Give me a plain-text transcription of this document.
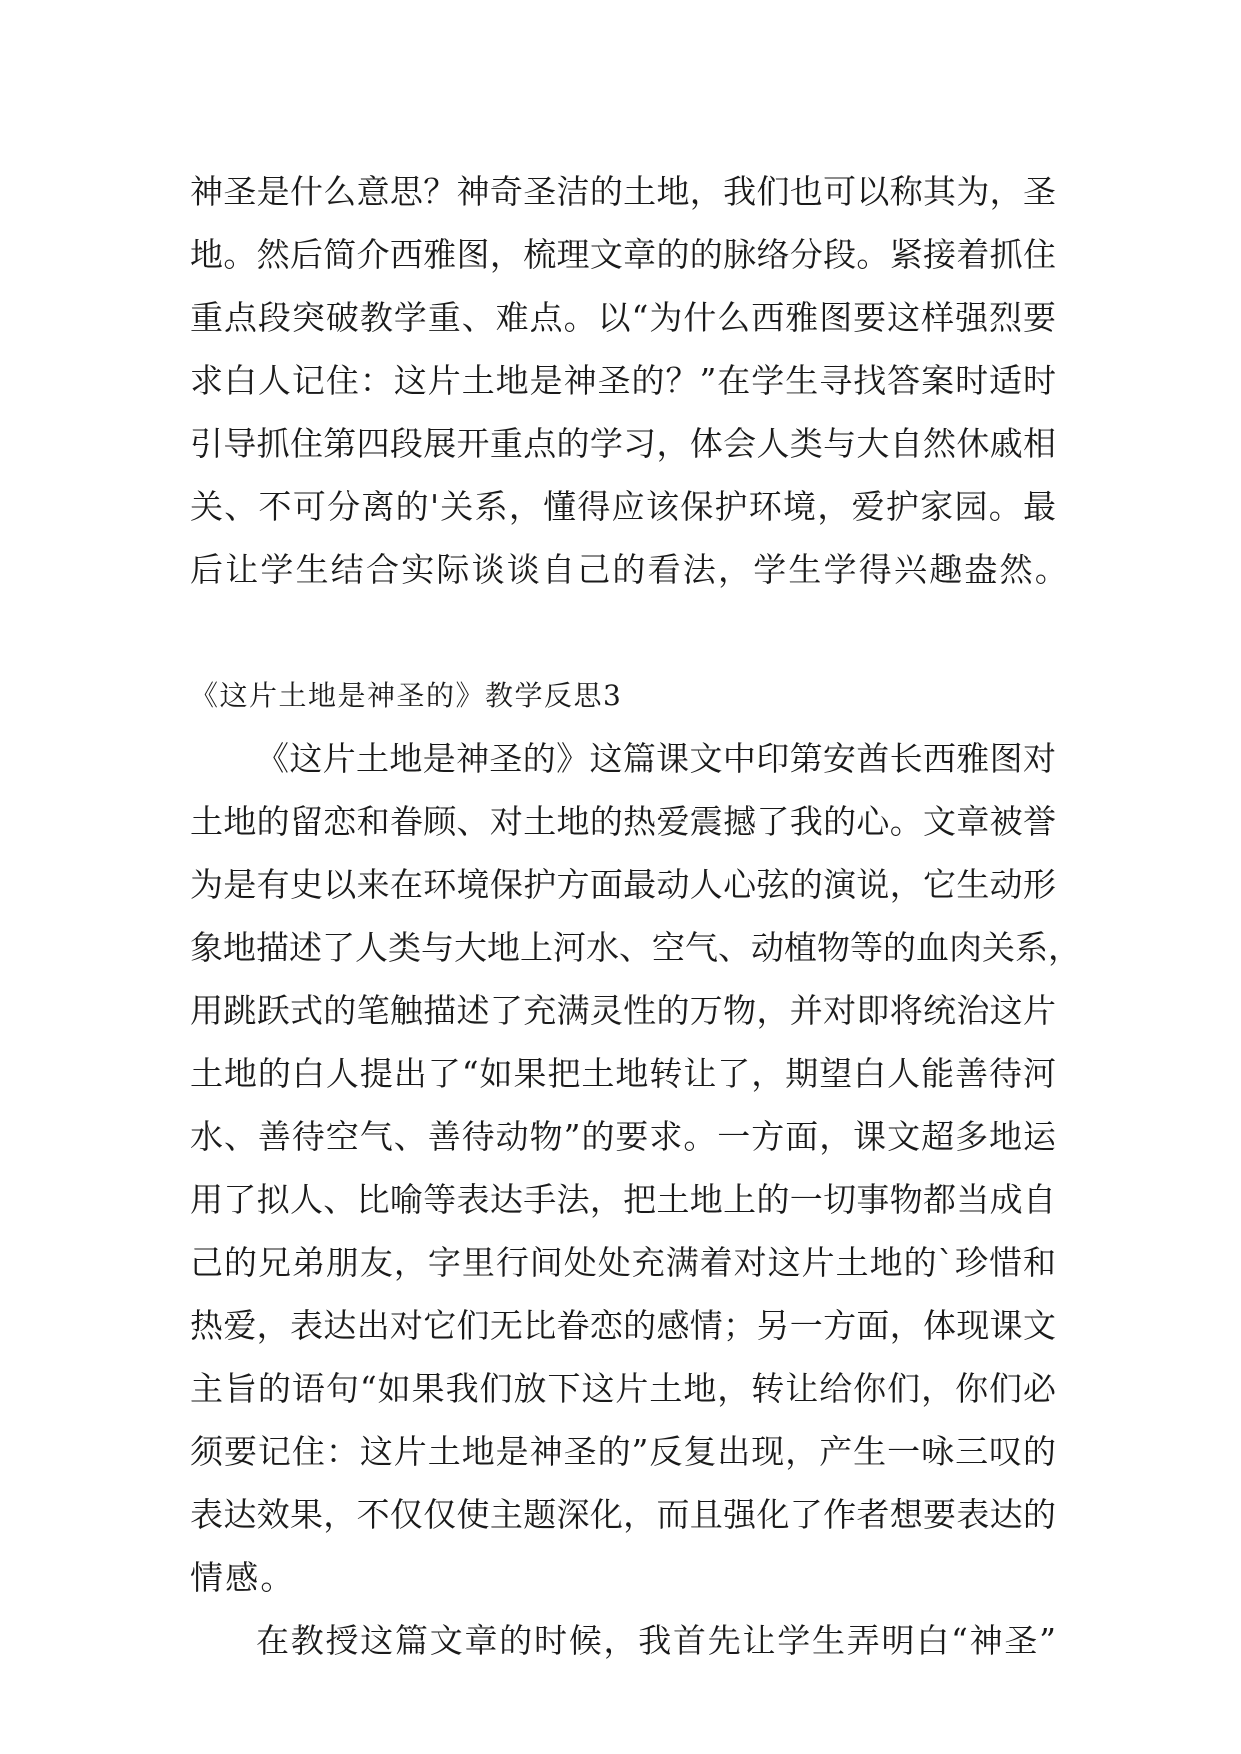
神圣是什么意思？神奇圣洁的土地，我们也可以称其为，圣
地。然后简介西雅图，梳理文章的的脉络分段。紧接着抓住
重点段突破教学重、难点。以“为什么西雅图要这样强烈要
求白人记住：这片土地是神圣的？”在学生寻找答案时适时
引导抓住第四段展开重点的学习，体会人类与大自然休戚相
关、不可分离的'关系，懂得应该保护环境，爱护家园。最
后让学生结合实际谈谈自己的看法，学生学得兴趣盎然。
《这片土地是神圣的》教学反思3
《这片土地是神圣的》这篇课文中印第安酋长西雅图对
土地的留恋和眷顾、对土地的热爱震撼了我的心。文章被誉
为是有史以来在环境保护方面最动人心弦的演说，它生动形
象地描述了人类与大地上河水、空气、动植物等的血肉关系，
用跳跃式的笔触描述了充满灵性的万物，并对即将统治这片
土地的白人提出了“如果把土地转让了，期望白人能善待河
水、善待空气、善待动物”的要求。一方面，课文超多地运
用了拟人、比喻等表达手法，把土地上的一切事物都当成自
己的兄弟朋友，字里行间处处充满着对这片土地的`珍惜和
热爱，表达出对它们无比眷恋的感情；另一方面，体现课文
主旨的语句“如果我们放下这片土地，转让给你们，你们必
须要记住：这片土地是神圣的”反复出现，产生一咏三叹的
表达效果，不仅仅使主题深化，而且强化了作者想要表达的
情感。
在教授这篇文章的时候，我首先让学生弄明白“神圣”
